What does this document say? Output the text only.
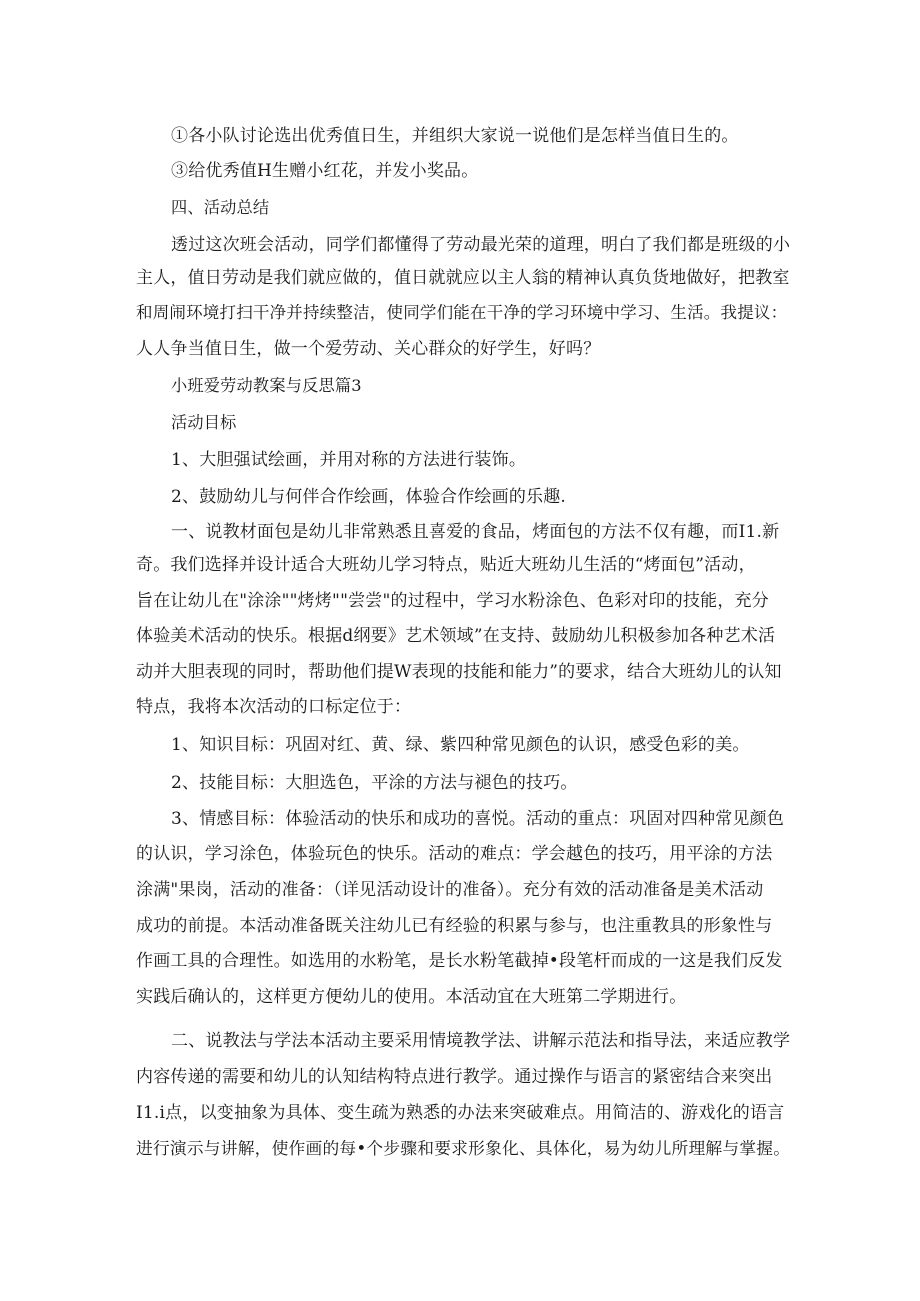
①各小队讨论选出优秀值日生，并组织大家说一说他们是怎样当值日生的。
③给优秀值H生赠小红花，并发小奖品。
四、活动总结
透过这次班会活动，同学们都懂得了劳动最光荣的道理，明白了我们都是班级的小
主人，值日劳动是我们就应做的，值日就就应以主人翁的精神认真负货地做好，把教室
和周闹环境打扫干净并持续整洁，使同学们能在干净的学习环境中学习、生活。我提议：
人人争当值日生，做一个爱劳动、关心群众的好学生，好吗？
小班爱劳动教案与反思篇3
活动目标
1、大胆强试绘画，并用对称的方法进行装饰。
2、鼓励幼儿与何伴合作绘画，体验合作绘画的乐趣.
一、说教材面包是幼儿非常熟悉且喜爱的食品，烤面包的方法不仅有趣，而I1.新
奇。我们选择并设计适合大班幼儿学习特点，贴近大班幼儿生活的“烤面包”活动，
旨在让幼儿在"涂涂""烤烤""尝尝"的过程中，学习水粉涂色、色彩对印的技能，充分
体验美术活动的快乐。根据d纲要》艺术领域”在支持、鼓励幼儿积极参加各种艺术活
动并大胆表现的同时，帮助他们提W表现的技能和能力”的要求，结合大班幼儿的认知
特点，我将本次活动的口标定位于：
1、知识目标：巩固对红、黄、绿、紫四种常见颜色的认识，感受色彩的美。
2、技能目标：大胆选色，平涂的方法与褪色的技巧。
3、情感目标：体验活动的快乐和成功的喜悦。活动的重点：巩固对四种常见颜色
的认识，学习涂色，体验玩色的快乐。活动的难点：学会越色的技巧，用平涂的方法
涂满"果岗，活动的准备：（详见活动设计的准备）。充分有效的活动准备是美术活动
成功的前提。本活动准备既关注幼儿已有经验的积累与参与，也注重教具的形象性与
作画工具的合理性。如选用的水粉笔，是长水粉笔截掉•段笔杆而成的一这是我们反发
实践后确认的，这样更方便幼儿的使用。本活动宜在大班第二学期进行。
二、说教法与学法本活动主要采用情境教学法、讲解示范法和指导法，来适应教学
内容传递的需要和幼儿的认知结构特点进行教学。通过操作与语言的紧密结合来突出
I1.i点，以变抽象为具体、变生疏为熟悉的办法来突破难点。用简洁的、游戏化的语言
进行演示与讲解，使作画的每•个步骤和要求形象化、具体化，易为幼儿所理解与掌握。
